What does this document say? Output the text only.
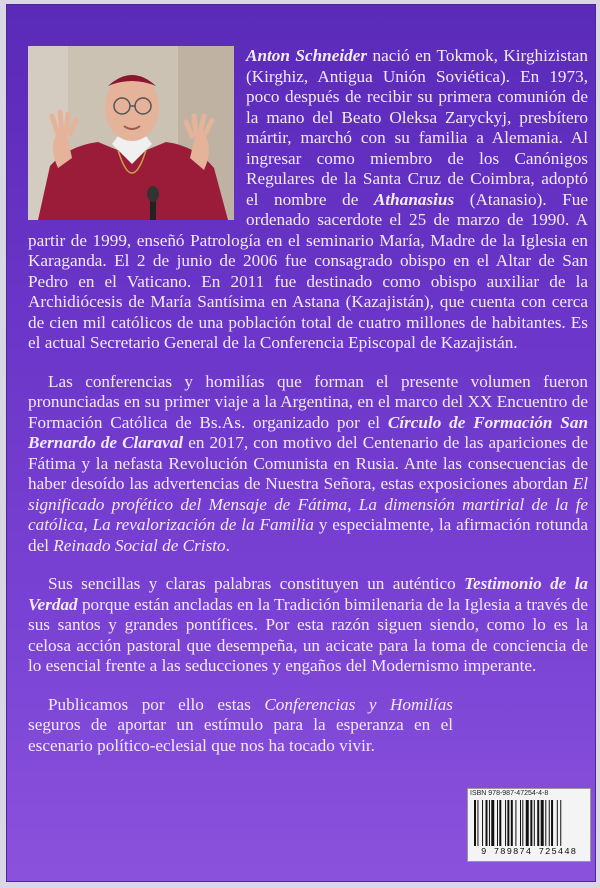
Anton Schneider nació en Tokmok, Kirghizistan (Kirghiz, Antigua Unión Soviética). En 1973, poco después de recibir su primera comunión de la mano del Beato Oleksa Zaryckyj, presbítero mártir, marchó con su familia a Alemania. Al ingresar como miembro de los Canónigos Regulares de la Santa Cruz de Coimbra, adoptó el nombre de Athanasius (Atanasio). Fue ordenado sacerdote el 25 de marzo de 1990. A partir de 1999, enseñó Patrología en el seminario María, Madre de la Iglesia en Karaganda. El 2 de junio de 2006 fue consagrado obispo en el Altar de San Pedro en el Vaticano. En 2011 fue destinado como obispo auxiliar de la Archidiócesis de María Santísima en Astana (Kazajistán), que cuenta con cerca de cien mil católicos de una población total de cuatro millones de habitantes. Es el actual Secretario General de la Conferencia Episcopal de Kazajistán.

Las conferencias y homilías que forman el presente volumen fueron pronunciadas en su primer viaje a la Argentina, en el marco del XX Encuentro de Formación Católica de Bs.As. organizado por el Círculo de Formación San Bernardo de Claraval en 2017, con motivo del Centenario de las apariciones de Fátima y la nefasta Revolución Comunista en Rusia. Ante las consecuencias de haber desoído las advertencias de Nuestra Señora, estas exposiciones abordan El significado profético del Mensaje de Fátima, La dimensión martirial de la fe católica, La revalorización de la Familia y especialmente, la afirmación rotunda del Reinado Social de Cristo.

Sus sencillas y claras palabras constituyen un auténtico Testimonio de la Verdad porque están ancladas en la Tradición bimilenaria de la Iglesia a través de sus santos y grandes pontífices. Por esta razón siguen siendo, como lo es la celosa acción pastoral que desempeña, un acicate para la toma de conciencia de lo esencial frente a las seducciones y engaños del Modernismo imperante.

Publicamos por ello estas Conferencias y Homilías seguros de aportar un estímulo para la esperanza en el escenario político-eclesial que nos ha tocado vivir.

ISBN 978-987-47254-4-8
9 789874 725448
